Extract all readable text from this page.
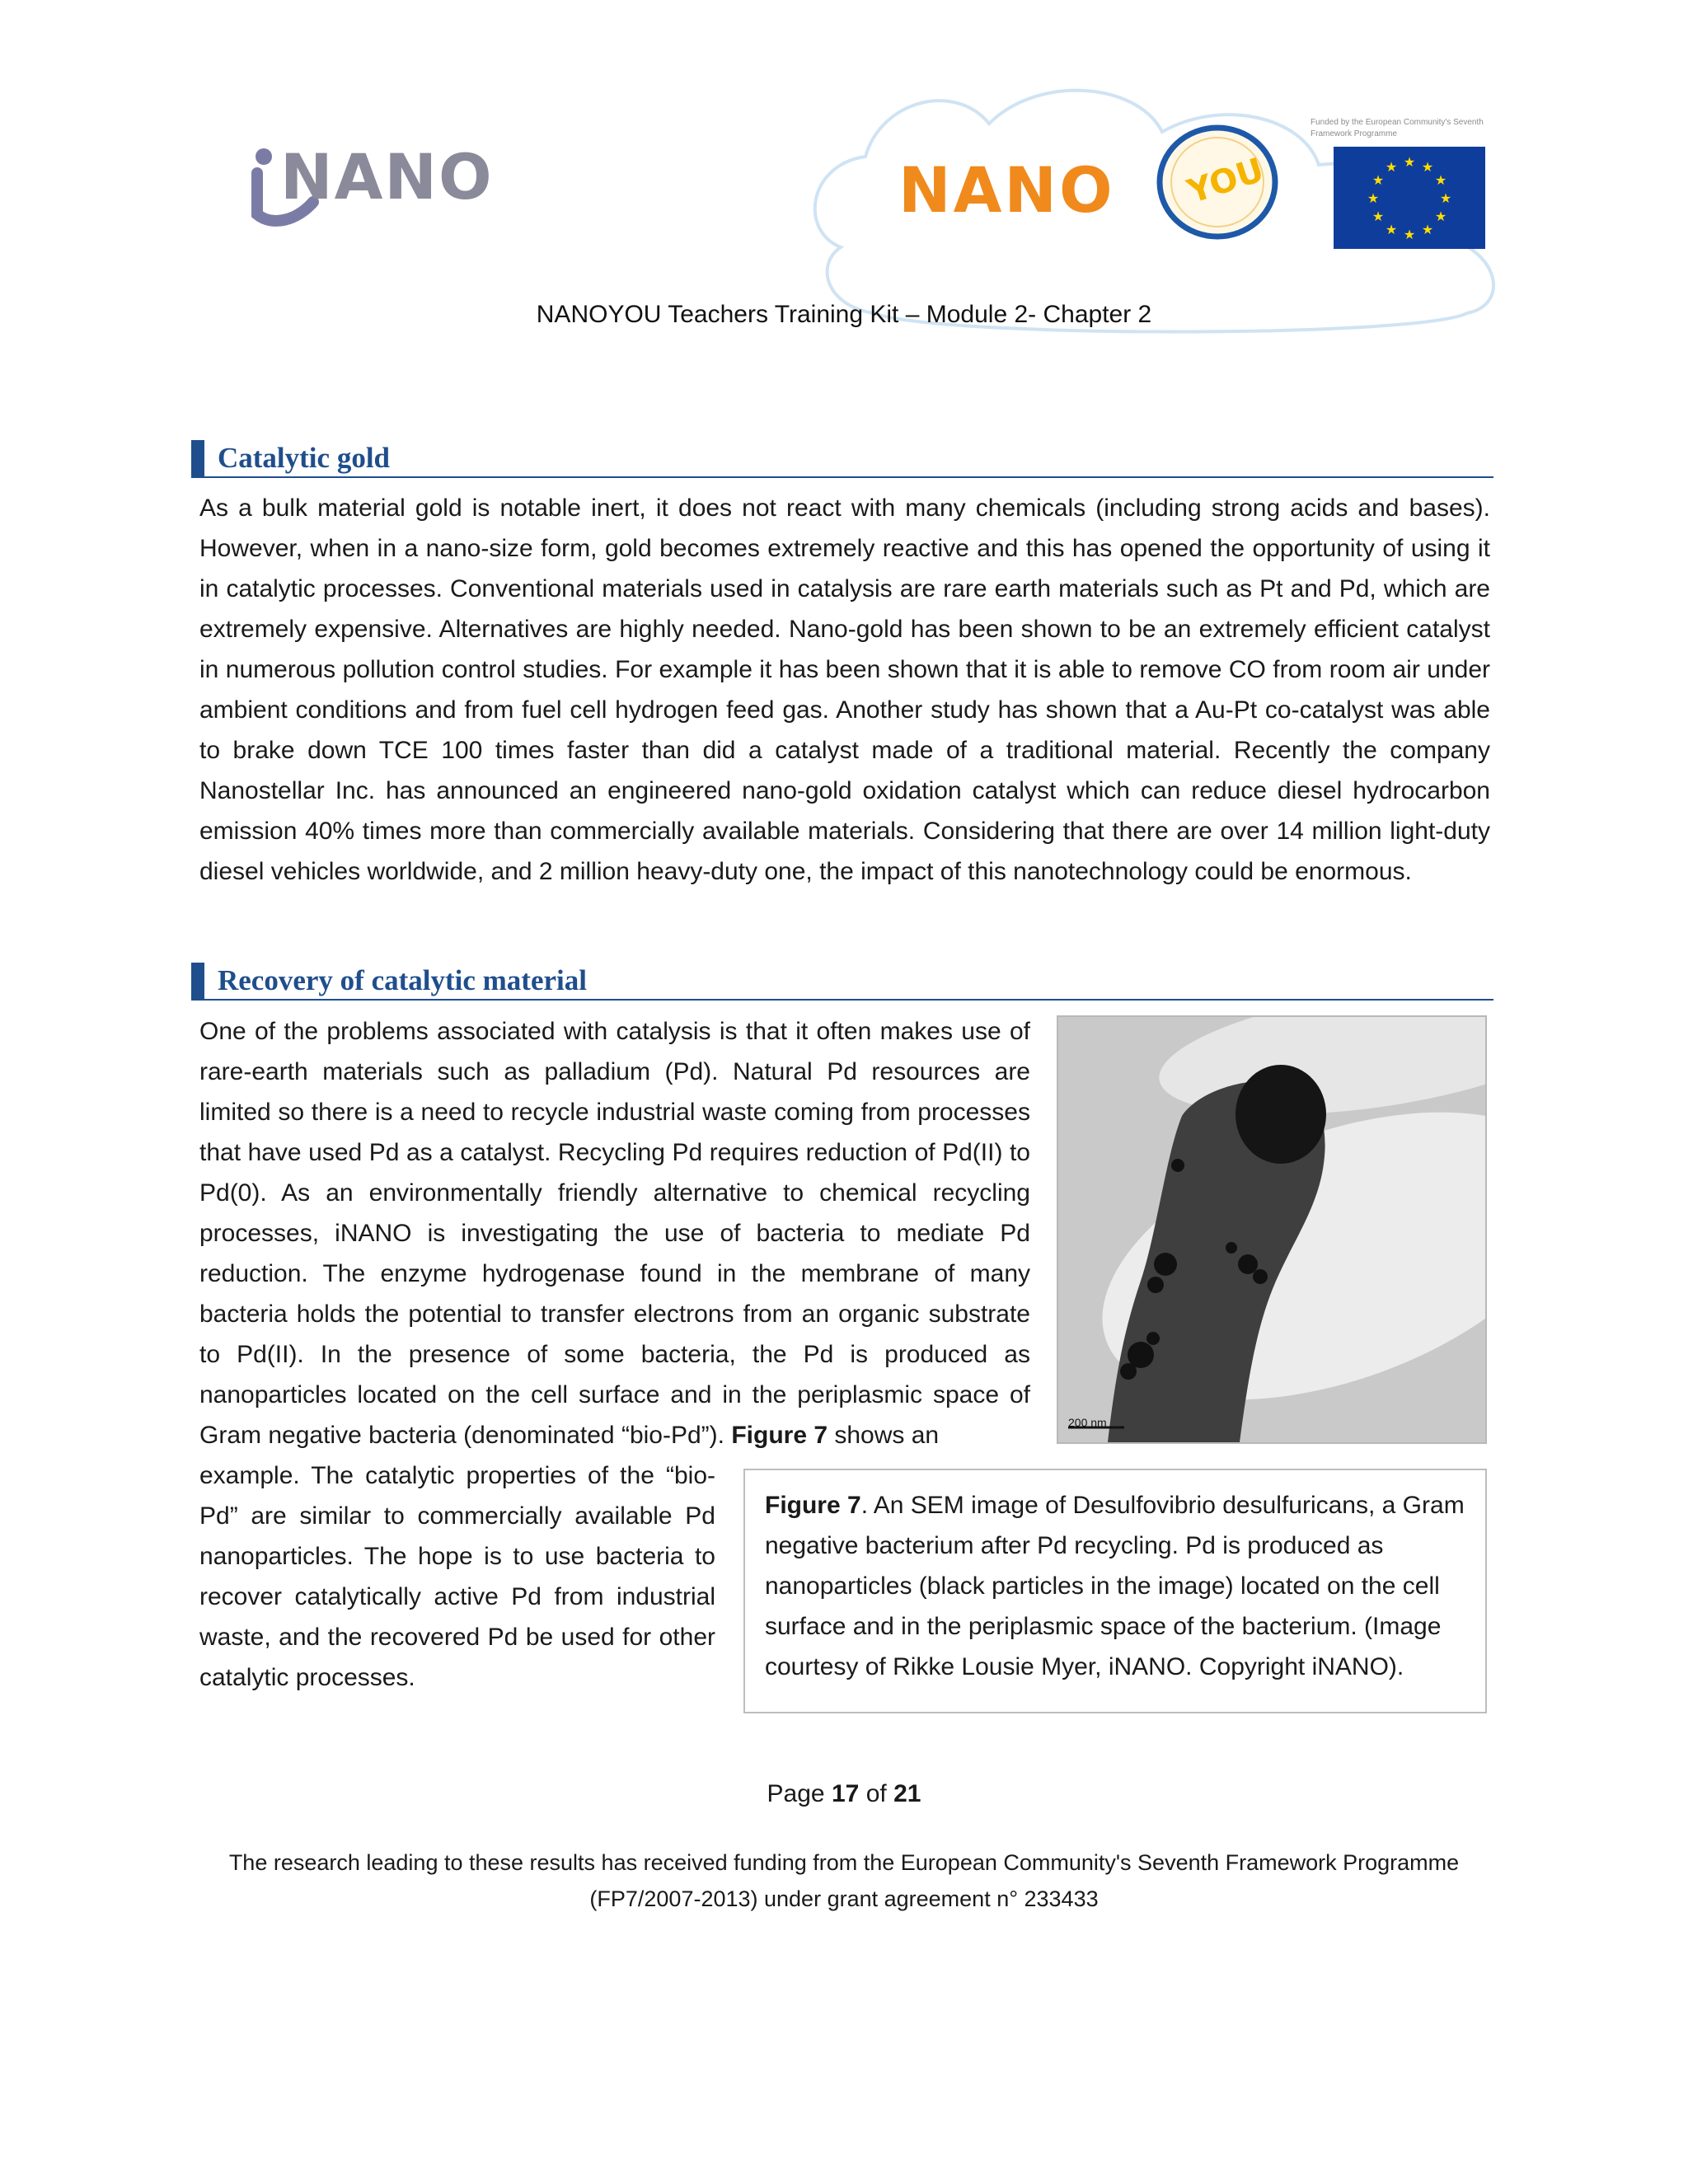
NANO	NANO YOU
Funded by the European Community's Seventh Framework Programme
★ ★
★
★
★
★
★
★
★
★
★
★
NANOYOU Teachers Training Kit – Module 2- Chapter 2
Catalytic gold
As a bulk material gold is notable inert, it does not react with many chemicals (including strong acids and bases). However, when in a nano-size form, gold becomes extremely reactive and this has opened the opportunity of using it in catalytic processes. Conventional materials used in catalysis are rare earth materials such as Pt and Pd, which are extremely expensive. Alternatives are highly needed. Nano-gold has been shown to be an extremely efficient catalyst in numerous pollution control studies. For example it has been shown that it is able to remove CO from room air under ambient conditions and from fuel cell hydrogen feed gas. Another study has shown that a Au-Pt co-catalyst was able to brake down TCE 100 times faster than did a catalyst made of a traditional material. Recently the company Nanostellar Inc. has announced an engineered nano-gold oxidation catalyst which can reduce diesel hydrocarbon emission 40% times more than commercially available materials. Considering that there are over 14 million light-duty diesel vehicles worldwide, and 2 million heavy-duty one, the impact of this nanotechnology could be enormous.
Recovery of catalytic material
One of the problems associated with catalysis is that it often makes use of rare-earth materials such as palladium (Pd). Natural Pd resources are limited so there is a need to recycle industrial waste coming from processes that have used Pd as a catalyst. Recycling Pd requires reduction of Pd(II) to Pd(0). As an environmentally friendly alternative to chemical recycling processes, iNANO is investigating the use of bacteria to mediate Pd reduction. The enzyme hydrogenase found in the membrane of many bacteria holds the potential to transfer electrons from an organic substrate to Pd(II). In the presence of some bacteria, the Pd is produced as nanoparticles located on the cell surface and in the periplasmic space of Gram negative bacteria (denominated “bio-Pd”). Figure 7 shows an
example. The catalytic properties of the “bio-Pd” are similar to commercially available Pd nanoparticles. The hope is to use bacteria to recover catalytically active Pd from industrial waste, and the recovered Pd be used for other catalytic processes.
200 nm
Figure 7. An SEM image of Desulfovibrio desulfuricans, a Gram negative bacterium after Pd recycling. Pd is produced as nanoparticles (black particles in the image) located on the cell surface and in the periplasmic space of the bacterium. (Image courtesy of Rikke Lousie Myer, iNANO. Copyright iNANO).
Page 17 of 21
The research leading to these results has received funding from the European Community's Seventh Framework Programme
(FP7/2007-2013) under grant agreement n° 233433
